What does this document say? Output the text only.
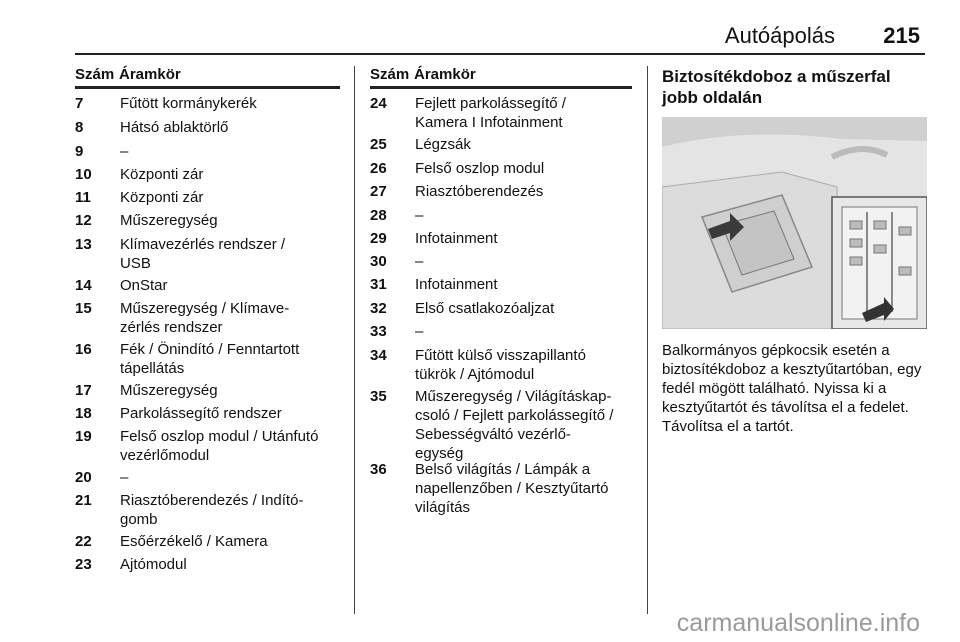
Autóápolás 215
Szám Áramkör
7 Fűtött kormánykerék
8 Hátsó ablaktörlő
9 –
10 Központi zár
11 Központi zár
12 Műszeregység
13 Klímavezérlés rendszer /
USB
14 OnStar
15 Műszeregység / Klímave-
zérlés rendszer
16 Fék / Önindító / Fenntartott
tápellátás
17 Műszeregység
18 Parkolássegítő rendszer
19 Felső oszlop modul / Utánfutó
vezérlőmodul
20 –
21 Riasztóberendezés / Indító-
gomb
22 Esőérzékelő / Kamera
23 Ajtómodul
Szám Áramkör
24 Fejlett parkolássegítő /
Kamera I Infotainment
25 Légzsák
26 Felső oszlop modul
27 Riasztóberendezés
28 –
29 Infotainment
30 –
31 Infotainment
32 Első csatlakozóaljzat
33 –
34 Fűtött külső visszapillantó
tükrök / Ajtómodul
35 Műszeregység / Világításkap-
csoló / Fejlett parkolássegítő /
Sebességváltó vezérlő-
egység
36 Belső világítás / Lámpák a
napellenzőben / Kesztyűtartó
világítás
Biztosítékdoboz a műszerfal jobb oldalán
Balkormányos gépkocsik esetén a biztosítékdoboz a kesztyűtartóban, egy fedél mögött található. Nyissa ki a kesztyűtartót és távolítsa el a fedelet. Távolítsa el a tartót.
carmanualsonline.info
